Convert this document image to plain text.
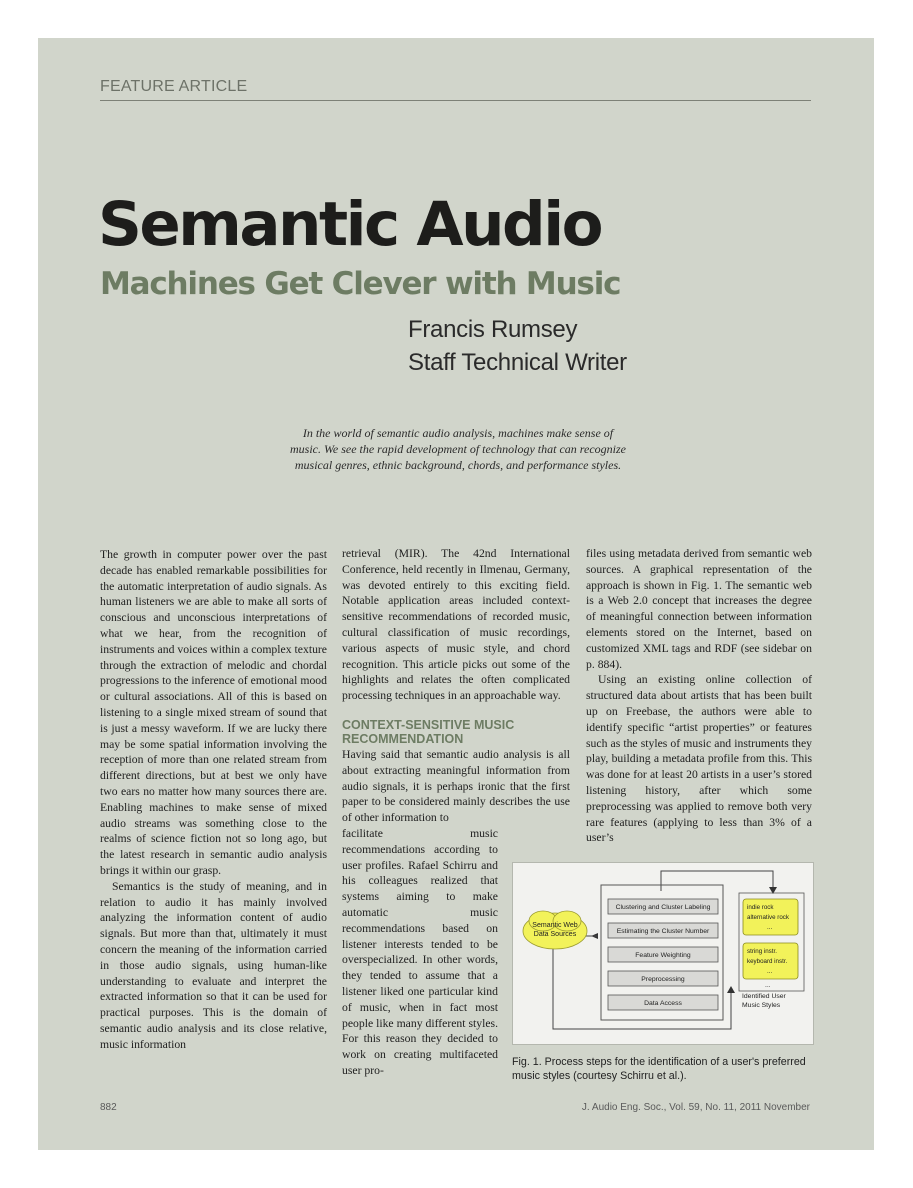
FEATURE ARTICLE
Semantic Audio
Machines Get Clever with Music
Francis Rumsey
Staff Technical Writer
In the world of semantic audio analysis, machines make sense of music. We see the rapid development of technology that can recognize musical genres, ethnic background, chords, and performance styles.

The growth in computer power over the past decade has enabled remarkable possibilities for the automatic interpretation of audio signals. As human listeners we are able to make all sorts of conscious and unconscious interpretations of what we hear, from the recognition of instruments and voices within a complex texture through the extraction of melodic and chordal progressions to the inference of emotional mood or cultural associations. All of this is based on listening to a single mixed stream of sound that is just a messy waveform. If we are lucky there may be some spatial information involving the reception of more than one related stream from different directions, but at best we only have two ears no matter how many sources there are. Enabling machines to make sense of mixed audio streams was something close to the realms of science fiction not so long ago, but the latest research in semantic audio analysis brings it within our grasp.

Semantics is the study of meaning, and in relation to audio it has mainly involved analyzing the information content of audio signals. But more than that, ultimately it must concern the meaning of the information carried in those audio signals, using human-like understanding to evaluate and interpret the extracted information so that it can be used for practical purposes. This is the domain of semantic audio analysis and its close relative, music information

retrieval (MIR). The 42nd International Conference, held recently in Ilmenau, Germany, was devoted entirely to this exciting field. Notable application areas included context-sensitive recommendations of recorded music, cultural classification of music recordings, various aspects of music style, and chord recognition. This article picks out some of the highlights and relates the often complicated processing techniques in an approachable way.

CONTEXT-SENSITIVE MUSIC RECOMMENDATION

Having said that semantic audio analysis is all about extracting meaningful information from audio signals, it is perhaps ironic that the first paper to be considered mainly describes the use of other information to

facilitate music recommendations according to user profiles. Rafael Schirru and his colleagues realized that systems aiming to make automatic music recommendations based on listener interests tended to be overspecialized. In other words, they tended to assume that a listener liked one particular kind of music, when in fact most people like many different styles. For this reason they decided to work on creating multifaceted user pro-

files using metadata derived from semantic web sources. A graphical representation of the approach is shown in Fig. 1. The semantic web is a Web 2.0 concept that increases the degree of meaningful connection between information elements stored on the Internet, based on customized XML tags and RDF (see sidebar on p. 884).

Using an existing online collection of structured data about artists that has been built up on Freebase, the authors were able to identify specific “artist properties” or features such as the styles of music and instruments they play, building a metadata profile from this. This was done for at least 20 artists in a user’s stored listening history, after which some preprocessing was applied to remove both very rare features (applying to less than 3% of a user’s

Semantic Web
Data Sources
Clustering and Cluster Labeling
Estimating the Cluster Number
Feature Weighting
Preprocessing
Data Access
indie rock
alternative rock
...
string instr.
keyboard instr.
...
...
Identified User
Music Styles
Fig. 1. Process steps for the identification of a user's preferred music styles (courtesy Schirru et al.).
882	J. Audio Eng. Soc., Vol. 59, No. 11, 2011 November
